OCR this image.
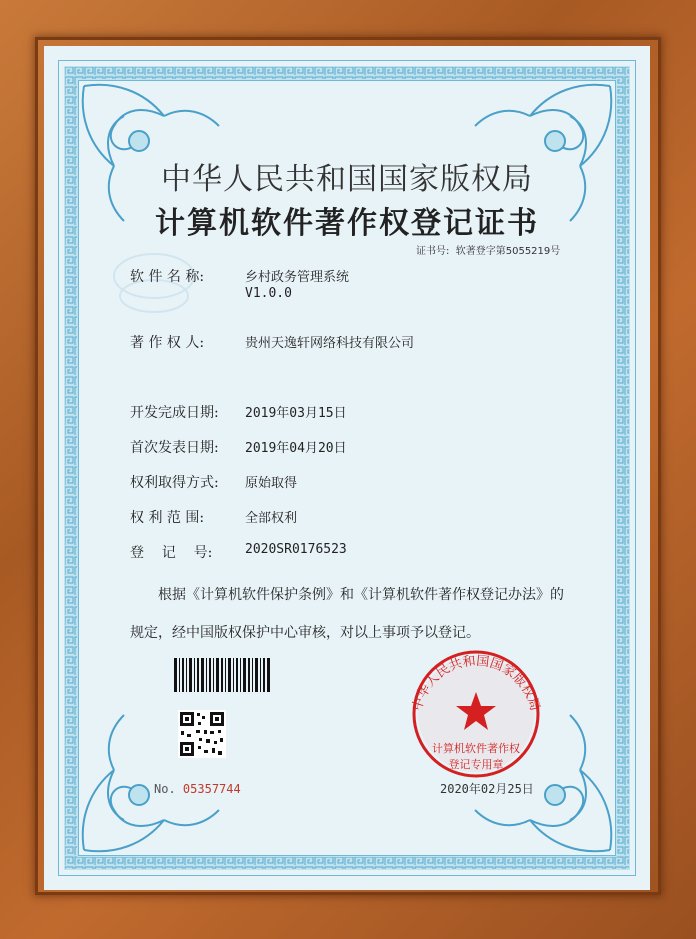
中华人民共和国国家版权局
中华人民共和国国家版权局
计算机软件著作权登记证书
证书号: 软著登字第5055219号
软 件 名 称:	乡村政务管理系统
V1.0.0
著 作 权 人:	贵州天逸轩网络科技有限公司
开发完成日期: 2019年03月15日
首次发表日期: 2019年04月20日
权利取得方式: 原始取得
权 利 范 围:	全部权利
登    记    号:	2020SR0176523
根据《计算机软件保护条例》和《计算机软件著作权登记办法》的
规定，经中国版权保护中心审核，对以上事项予以登记。
计算机软件著作权
登记专用章
No. 05357744	2020年02月25日
